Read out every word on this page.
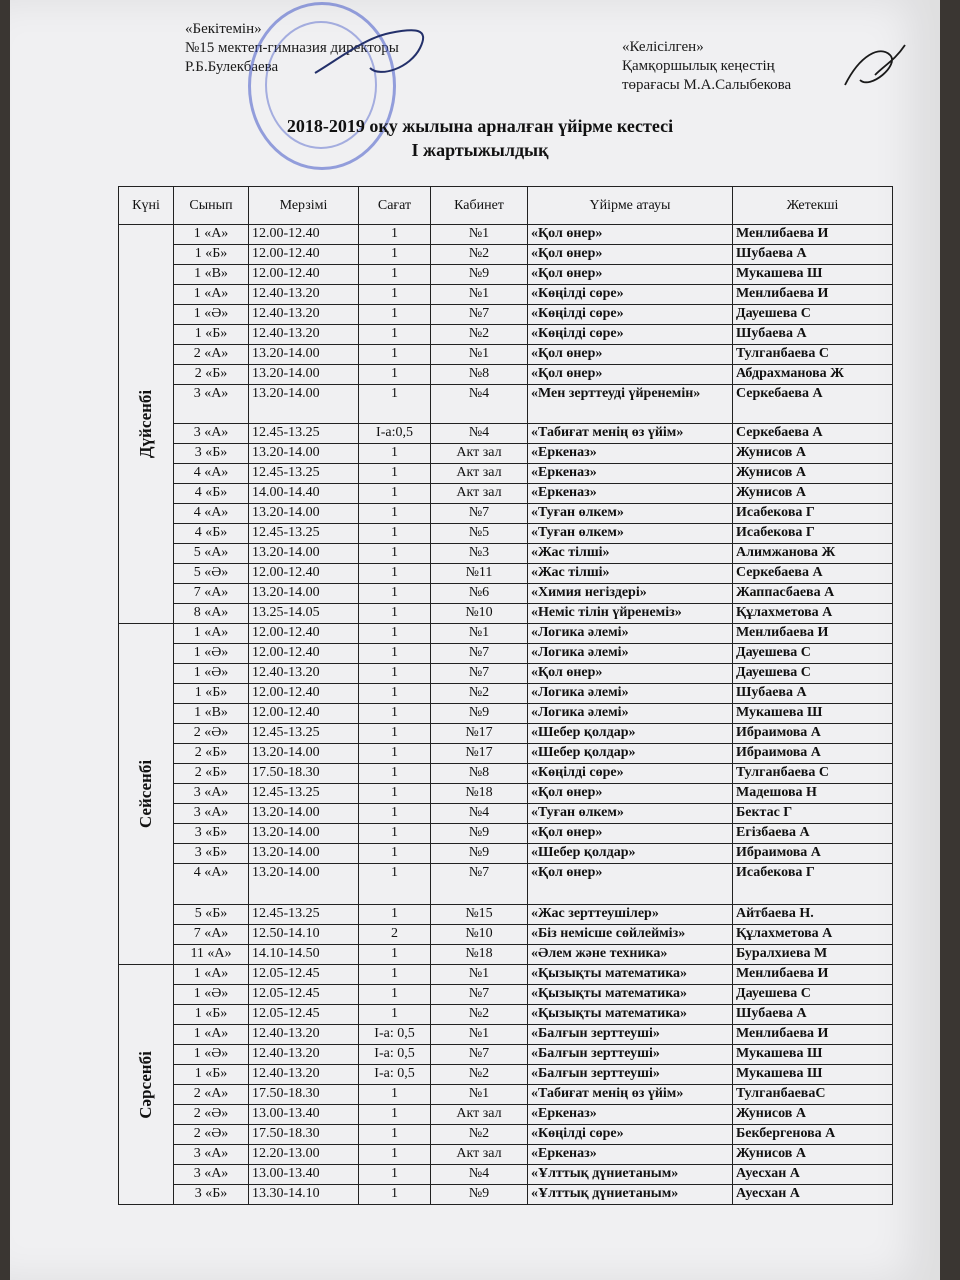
«Бекітемін»
№15 мектеп-гимназия директоры
Р.Б.Булекбаева
«Келісілген»
Қамқоршылық кеңестің
төрағасы М.А.Салыбекова
2018-2019 оқу жылына арналған үйірме кестесі
І жартыжылдық
Күні	Сынып	Мерзімі	Сағат	Кабинет	Үйірме атауы	Жетекші

Дүйсенбі	1 «А»	12.00-12.40	1	№1	«Қол өнер»	Менлибаева И
	1 «Б»	12.00-12.40	1	№2	«Қол өнер»	Шубаева А
	1 «В»	12.00-12.40	1	№9	«Қол өнер»	Мукашева Ш
	1 «А»	12.40-13.20	1	№1	«Көңілді сөре»	Менлибаева И
	1 «Ә»	12.40-13.20	1	№7	«Көңілді сөре»	Дауешева С
	1 «Б»	12.40-13.20	1	№2	«Көңілді сөре»	Шубаева А
	2 «А»	13.20-14.00	1	№1	«Қол өнер»	Тулганбаева С
	2 «Б»	13.20-14.00	1	№8	«Қол өнер»	Абдрахманова Ж
	3 «А»	13.20-14.00	1	№4	«Мен зерттеуді үйренемін»	Серкебаева А
	3 «А»	12.45-13.25	І-а:0,5	№4	«Табиғат менің өз үйім»	Серкебаева А
	3 «Б»	13.20-14.00	1	Акт зал	«Еркеназ»	Жунисов А
	4 «А»	12.45-13.25	1	Акт зал	«Еркеназ»	Жунисов А
	4 «Б»	14.00-14.40	1	Акт зал	«Еркеназ»	Жунисов А
	4 «А»	13.20-14.00	1	№7	«Туған өлкем»	Исабекова Г
	4 «Б»	12.45-13.25	1	№5	«Туған өлкем»	Исабекова Г
	5 «А»	13.20-14.00	1	№3	«Жас тілші»	Алимжанова Ж
	5 «Ә»	12.00-12.40	1	№11	«Жас тілші»	Серкебаева А
	7 «А»	13.20-14.00	1	№6	«Химия негіздері»	Жаппасбаева А
	8 «А»	13.25-14.05	1	№10	«Неміс тілін үйренеміз»	Құлахметова А

Сейсенбі	1 «А»	12.00-12.40	1	№1	«Логика әлемі»	Менлибаева И
	1 «Ә»	12.00-12.40	1	№7	«Логика әлемі»	Дауешева С
	1 «Ә»	12.40-13.20	1	№7	«Қол өнер»	Дауешева С
	1 «Б»	12.00-12.40	1	№2	«Логика әлемі»	Шубаева А
	1 «В»	12.00-12.40	1	№9	«Логика әлемі»	Мукашева Ш
	2 «Ә»	12.45-13.25	1	№17	«Шебер қолдар»	Ибраимова А
	2 «Б»	13.20-14.00	1	№17	«Шебер қолдар»	Ибраимова А
	2 «Б»	17.50-18.30	1	№8	«Көңілді сөре»	Тулганбаева С
	3 «А»	12.45-13.25	1	№18	«Қол өнер»	Мадешова Н
	3 «А»	13.20-14.00	1	№4	«Туған өлкем»	Бектас Г
	3 «Б»	13.20-14.00	1	№9	«Қол өнер»	Егізбаева А
	3 «Б»	13.20-14.00	1	№9	«Шебер қолдар»	Ибраимова А
	4 «А»	13.20-14.00	1	№7	«Қол өнер»	Исабекова Г
	5 «Б»	12.45-13.25	1	№15	«Жас зерттеушілер»	Айтбаева Н.
	7 «А»	12.50-14.10	2	№10	«Біз немісше сөйлейміз»	Құлахметова А
	11 «А»	14.10-14.50	1	№18	«Әлем және техника»	Буралхиева М

Сәрсенбі	1 «А»	12.05-12.45	1	№1	«Қызықты математика»	Менлибаева И
	1 «Ә»	12.05-12.45	1	№7	«Қызықты математика»	Дауешева С
	1 «Б»	12.05-12.45	1	№2	«Қызықты математика»	Шубаева А
	1 «А»	12.40-13.20	І-а: 0,5	№1	«Балғын зерттеуші»	Менлибаева И
	1 «Ә»	12.40-13.20	І-а: 0,5	№7	«Балғын зерттеуші»	Мукашева Ш
	1 «Б»	12.40-13.20	І-а: 0,5	№2	«Балғын зерттеуші»	Мукашева Ш
	2 «А»	17.50-18.30	1	№1	«Табиғат менің өз үйім»	ТулганбаеваС
	2 «Ә»	13.00-13.40	1	Акт зал	«Еркеназ»	Жунисов А
	2 «Ә»	17.50-18.30	1	№2	«Көңілді сөре»	Бекбергенова А
	3 «А»	12.20-13.00	1	Акт зал	«Еркеназ»	Жунисов А
	3 «А»	13.00-13.40	1	№4	«Ұлттық дүниетаным»	Ауесхан А
	3 «Б»	13.30-14.10	1	№9	«Ұлттық дүниетаным»	Ауесхан А
